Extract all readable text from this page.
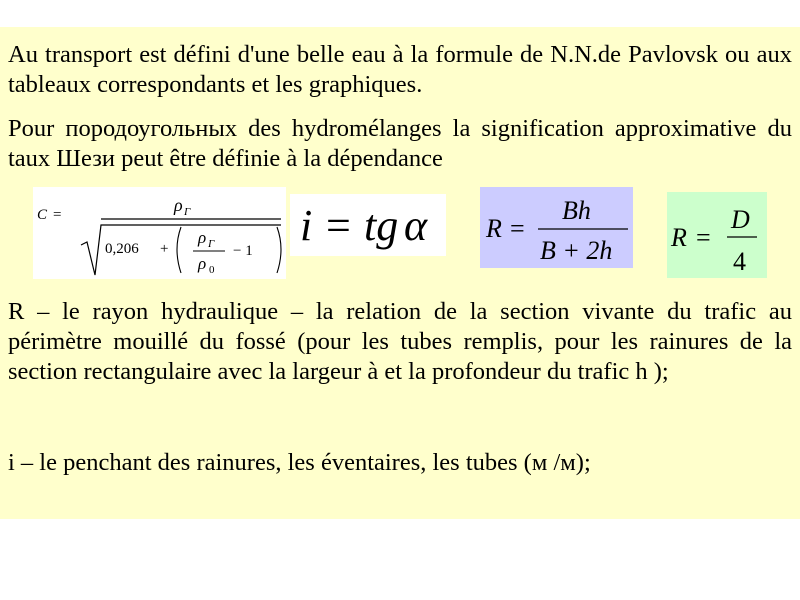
Au transport est défini d'une belle eau à la formule de N.N.de Pavlovsk ou aux tableaux correspondants et les graphiques.

Pour породоугольных des hydromélanges la signification approximative du taux Шези peut être définie à la dépendance

C =	ρ Г
0,206 +
ρ Г
ρ 0
− 1
i = tg α R =
Bh
B + 2h R =
D
4

R – le rayon hydraulique – la relation de la section vivante du trafic au périmètre mouillé du fossé (pour les tubes remplis, pour les rainures de la section rectangulaire avec la largeur à et la profondeur du trafic h );

i – le penchant des rainures, les éventaires, les tubes (м /м);
